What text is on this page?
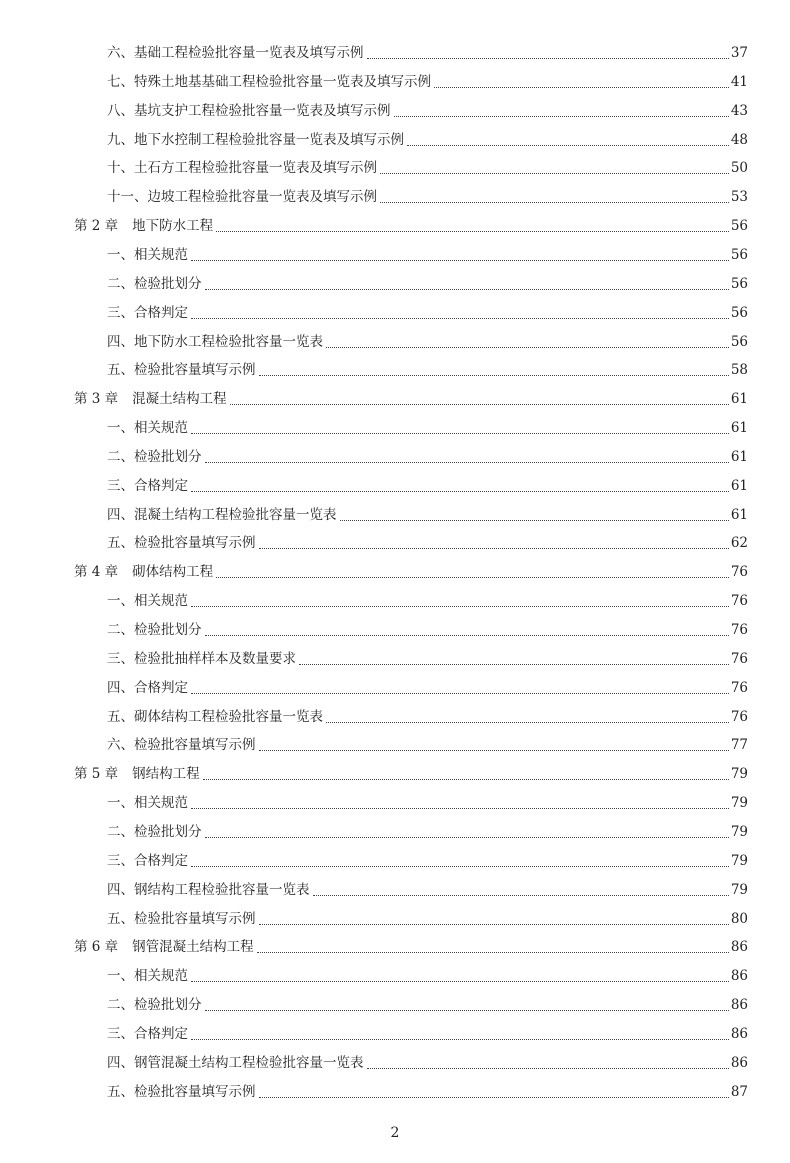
六、基础工程检验批容量一览表及填写示例	37
七、特殊土地基基础工程检验批容量一览表及填写示例	41
八、基坑支护工程检验批容量一览表及填写示例	43
九、地下水控制工程检验批容量一览表及填写示例	48
十、土石方工程检验批容量一览表及填写示例	50
十一、边坡工程检验批容量一览表及填写示例	53
第 2 章 地下防水工程	56
一、相关规范	56
二、检验批划分	56
三、合格判定	56
四、地下防水工程检验批容量一览表	56
五、检验批容量填写示例	58
第 3 章 混凝土结构工程	61
一、相关规范	61
二、检验批划分	61
三、合格判定	61
四、混凝土结构工程检验批容量一览表	61
五、检验批容量填写示例	62
第 4 章 砌体结构工程	76
一、相关规范	76
二、检验批划分	76
三、检验批抽样样本及数量要求	76
四、合格判定	76
五、砌体结构工程检验批容量一览表	76
六、检验批容量填写示例	77
第 5 章 钢结构工程	79
一、相关规范	79
二、检验批划分	79
三、合格判定	79
四、钢结构工程检验批容量一览表	79
五、检验批容量填写示例	80
第 6 章 钢管混凝土结构工程	86
一、相关规范	86
二、检验批划分	86
三、合格判定	86
四、钢管混凝土结构工程检验批容量一览表	86
五、检验批容量填写示例	87
2
